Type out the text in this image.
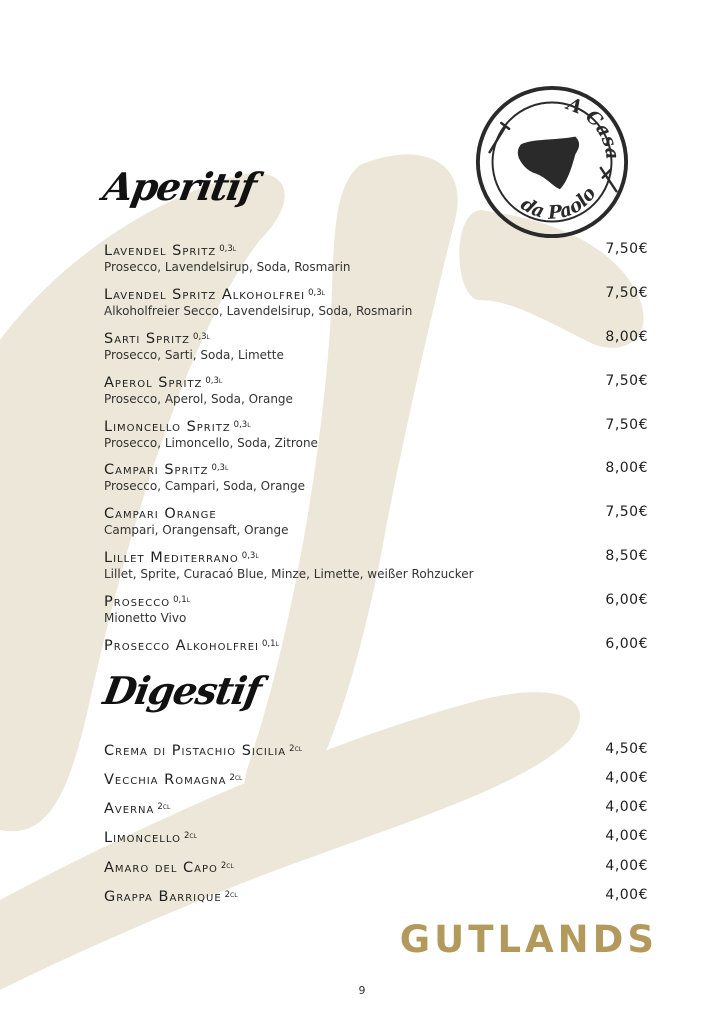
A Casa
da Paolo
Aperitif
Lavendel Spritz $^{0,3l}$
Prosecco, Lavendelsirup, Soda, Rosmarin
7,50€
Lavendel Spritz Alkoholfrei $^{0,3l}$
Alkoholfreier Secco, Lavendelsirup, Soda, Rosmarin
7,50€
Sarti Spritz $^{0,3l}$
Prosecco, Sarti, Soda, Limette
8,00€
Aperol Spritz $^{0,3l}$
Prosecco, Aperol, Soda, Orange
7,50€
Limoncello Spritz $^{0,3l}$
Prosecco, Limoncello, Soda, Zitrone
7,50€
Campari Spritz $^{0,3l}$
Prosecco, Campari, Soda, Orange
8,00€
Campari Orange
Campari, Orangensaft, Orange
7,50€
Lillet Mediterrano $^{0,3l}$
Lillet, Sprite, Curacaó Blue, Minze, Limette, weißer Rohzucker
8,50€
Prosecco $^{0,1l}$
Mionetto Vivo
6,00€
Prosecco Alkoholfrei $^{0,1l}$	6,00€
Digestif
Crema di Pistachio Sicilia $^{2cl}$	4,50€
Vecchia Romagna $^{2cl}$	4,00€
Averna $^{2cl}$	4,00€
Limoncello $^{2cl}$	4,00€
Amaro del Capo $^{2cl}$	4,00€
Grappa Barrique $^{2cl}$	4,00€
GUTLANDS
9
